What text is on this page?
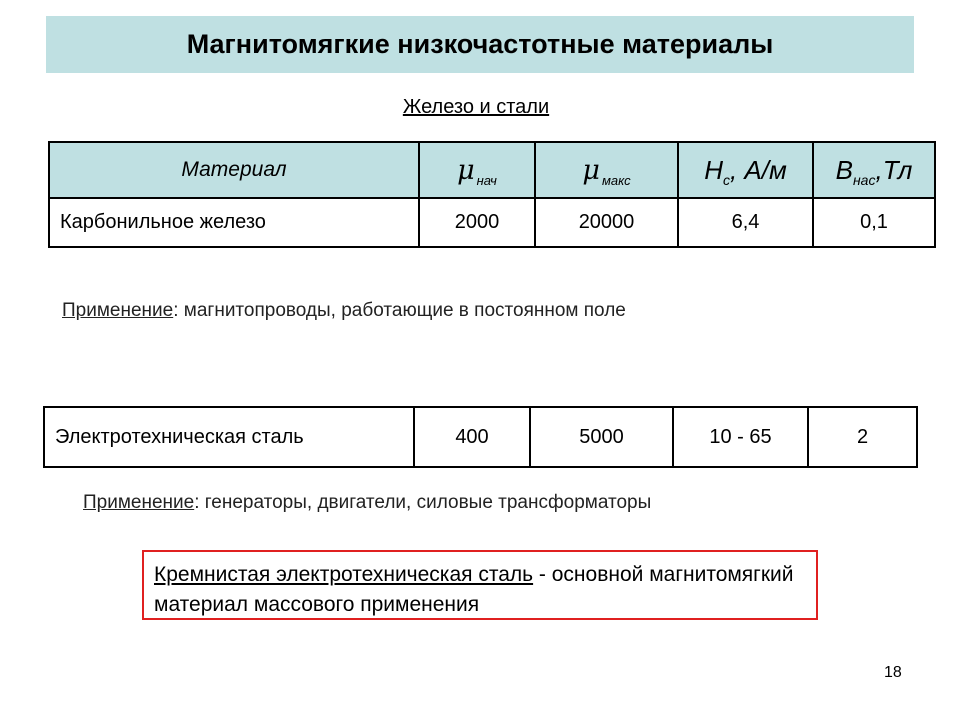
Магнитомягкие низкочастотные материалы
Железо и стали
Материал	μ $_{нач}$	μ $_{макс}$	$H_c$, А/м	$B_{нас},Тл$
Карбонильное железо	2000	20000	6,4	0,1
Применение: магнитопроводы, работающие в постоянном поле
Электротехническая сталь	400	5000	10 - 65	2
Применение: генераторы, двигатели, силовые трансформаторы
Кремнистая электротехническая сталь - основной магнитомягкий материал массового применения
18
